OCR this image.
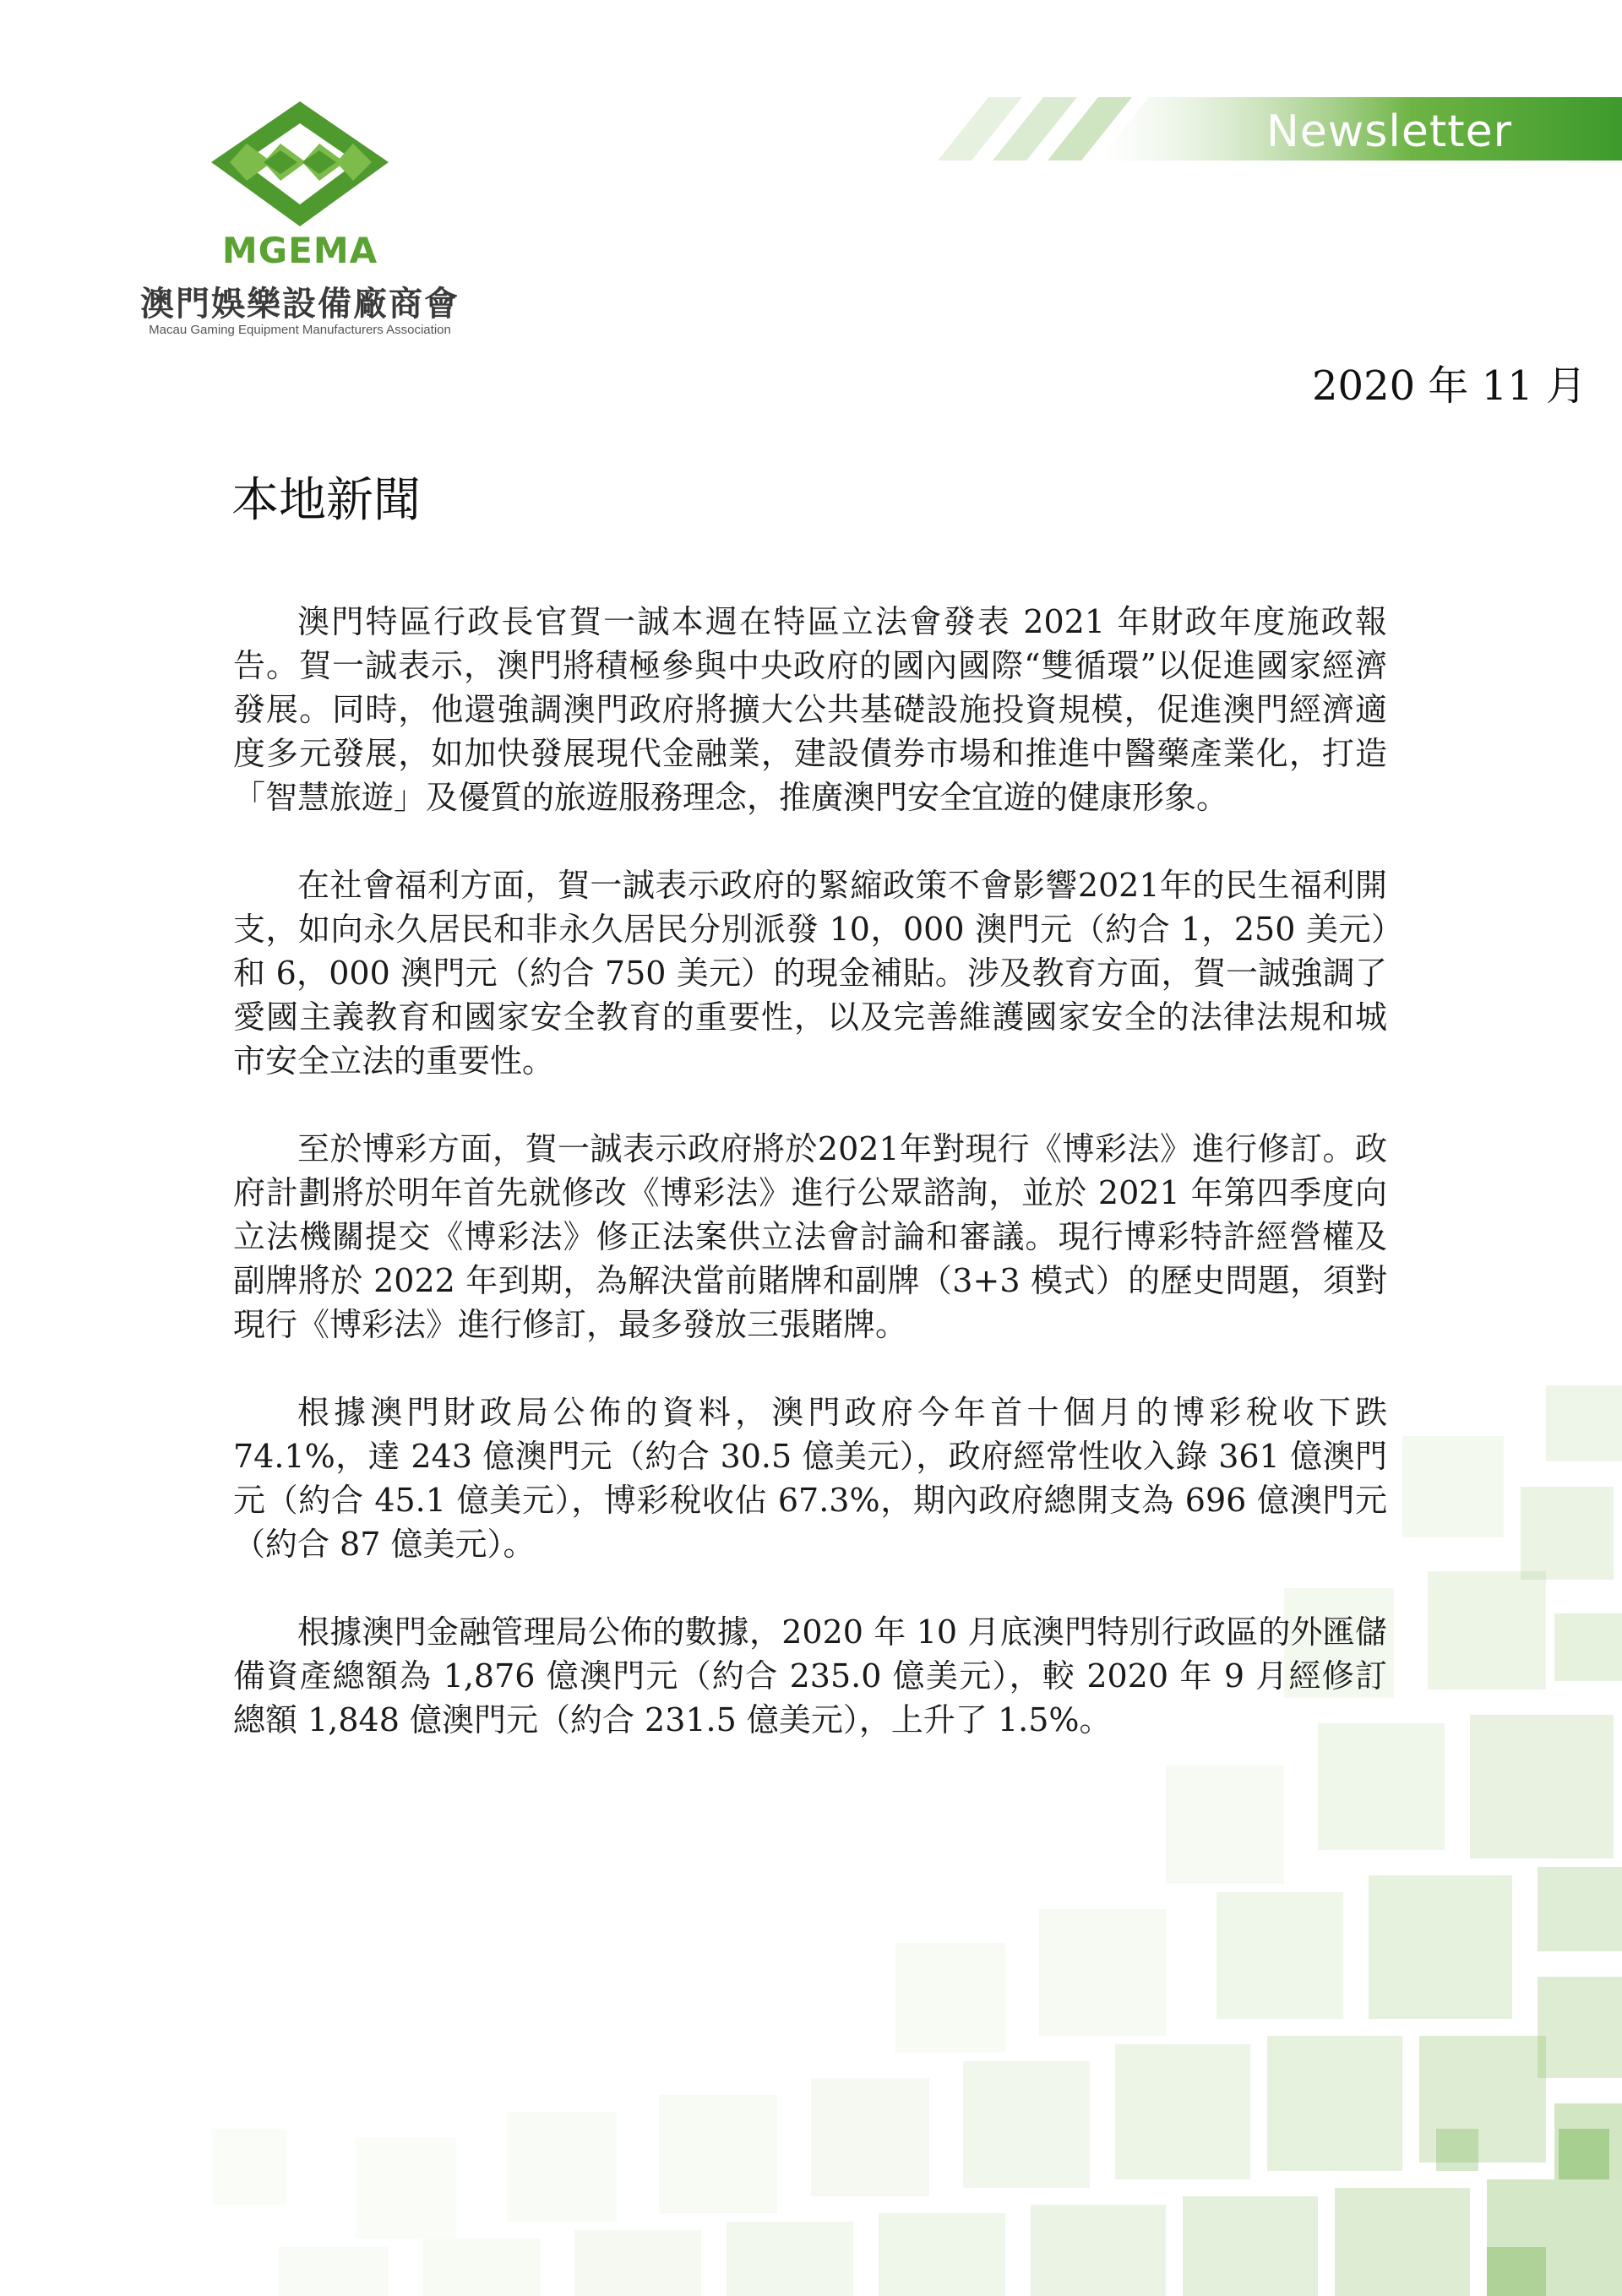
MGEMA
澳門娛樂設備廠商會
Macau Gaming Equipment Manufacturers Association
Newsletter
2020 年 11 月
本地新聞

澳門特區行政長官賀一誠本週在特區立法會發表 2021 年財政年度施政報告。賀一誠表示，澳門將積極參與中央政府的國內國際“雙循環”以促進國家經濟發展。同時，他還強調澳門政府將擴大公共基礎設施投資規模，促進澳門經濟適度多元發展，如加快發展現代金融業，建設債券市場和推進中醫藥產業化，打造「智慧旅遊」及優質的旅遊服務理念，推廣澳門安全宜遊的健康形象。

在社會福利方面，賀一誠表示政府的緊縮政策不會影響2021年的民生福利開支，如向永久居民和非永久居民分別派發 10，000 澳門元（約合 1，250 美元）和 6，000 澳門元（約合 750 美元）的現金補貼。涉及教育方面，賀一誠強調了愛國主義教育和國家安全教育的重要性，以及完善維護國家安全的法律法規和城市安全立法的重要性。

至於博彩方面，賀一誠表示政府將於2021年對現行《博彩法》進行修訂。政府計劃將於明年首先就修改《博彩法》進行公眾諮詢，並於 2021 年第四季度向立法機關提交《博彩法》修正法案供立法會討論和審議。現行博彩特許經營權及副牌將於 2022 年到期，為解決當前賭牌和副牌（3+3 模式）的歷史問題，須對現行《博彩法》進行修訂，最多發放三張賭牌。

根據澳門財政局公佈的資料，澳門政府今年首十個月的博彩稅收下跌74.1%，達 243 億澳門元（約合 30.5 億美元），政府經常性收入錄 361 億澳門元（約合 45.1 億美元），博彩稅收佔 67.3%，期內政府總開支為 696 億澳門元（約合 87 億美元）。

根據澳門金融管理局公佈的數據，2020 年 10 月底澳門特別行政區的外匯儲備資產總額為 1,876 億澳門元（約合 235.0 億美元），較 2020 年 9 月經修訂總額 1,848 億澳門元（約合 231.5 億美元），上升了 1.5%。
